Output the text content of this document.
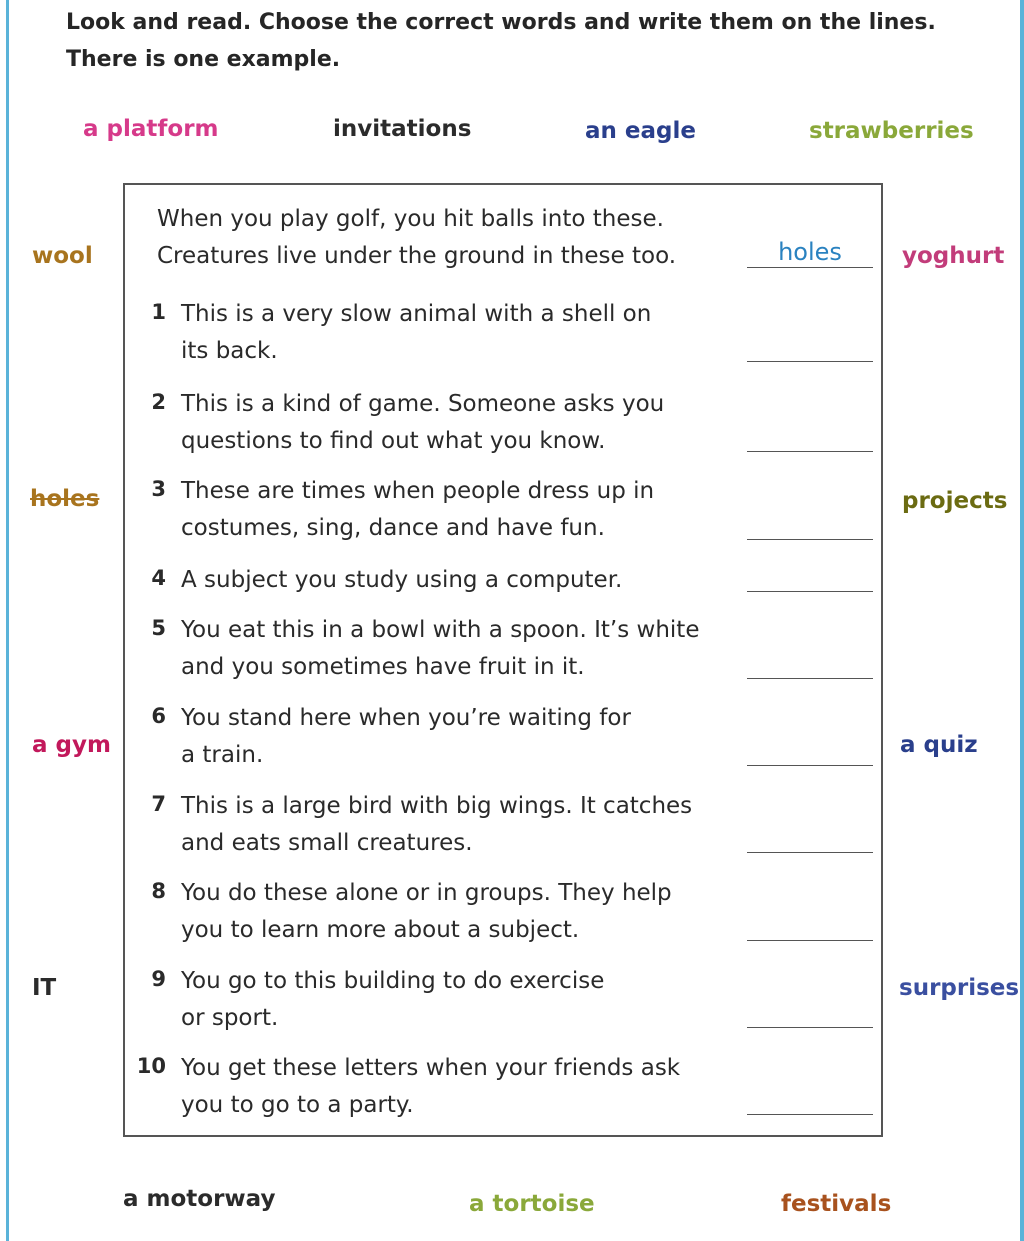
Look and read. Choose the correct words and write them on the lines.
There is one example.
a platform	invitations	an eagle	strawberries
wool	yoghurt
holes	projects
a gym	a quiz
IT	surprises
a motorway	a tortoise	festivals
When you play golf, you hit balls into these.
Creatures live under the ground in these too.	holes
1 This is a very slow animal with a shell on
its back.
2 This is a kind of game. Someone asks you
questions to find out what you know.
3 These are times when people dress up in
costumes, sing, dance and have fun.
4 A subject you study using a computer.
5 You eat this in a bowl with a spoon. It’s white
and you sometimes have fruit in it.
6 You stand here when you’re waiting for
a train.
7 This is a large bird with big wings. It catches
and eats small creatures.
8 You do these alone or in groups. They help
you to learn more about a subject.
9 You go to this building to do exercise
or sport.
10 You get these letters when your friends ask
you to go to a party.
